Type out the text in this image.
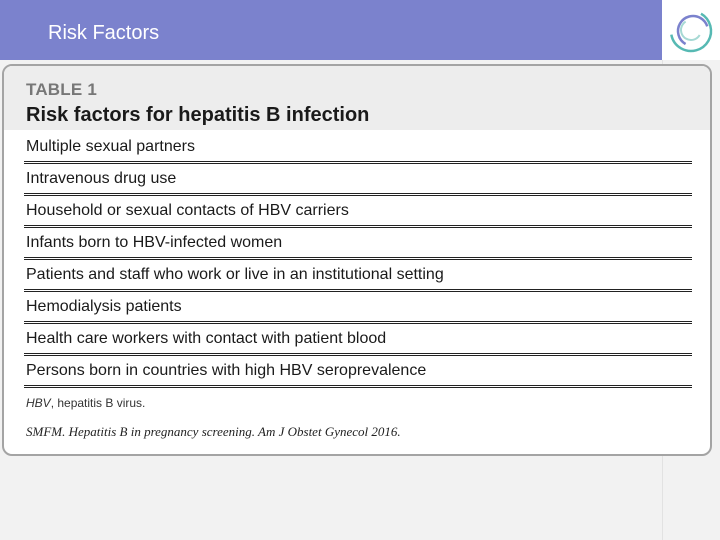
Risk Factors
TABLE 1
Risk factors for hepatitis B infection
Multiple sexual partners
Intravenous drug use
Household or sexual contacts of HBV carriers
Infants born to HBV-infected women
Patients and staff who work or live in an institutional setting
Hemodialysis patients
Health care workers with contact with patient blood
Persons born in countries with high HBV seroprevalence
HBV, hepatitis B virus.
SMFM. Hepatitis B in pregnancy screening. Am J Obstet Gynecol 2016.
